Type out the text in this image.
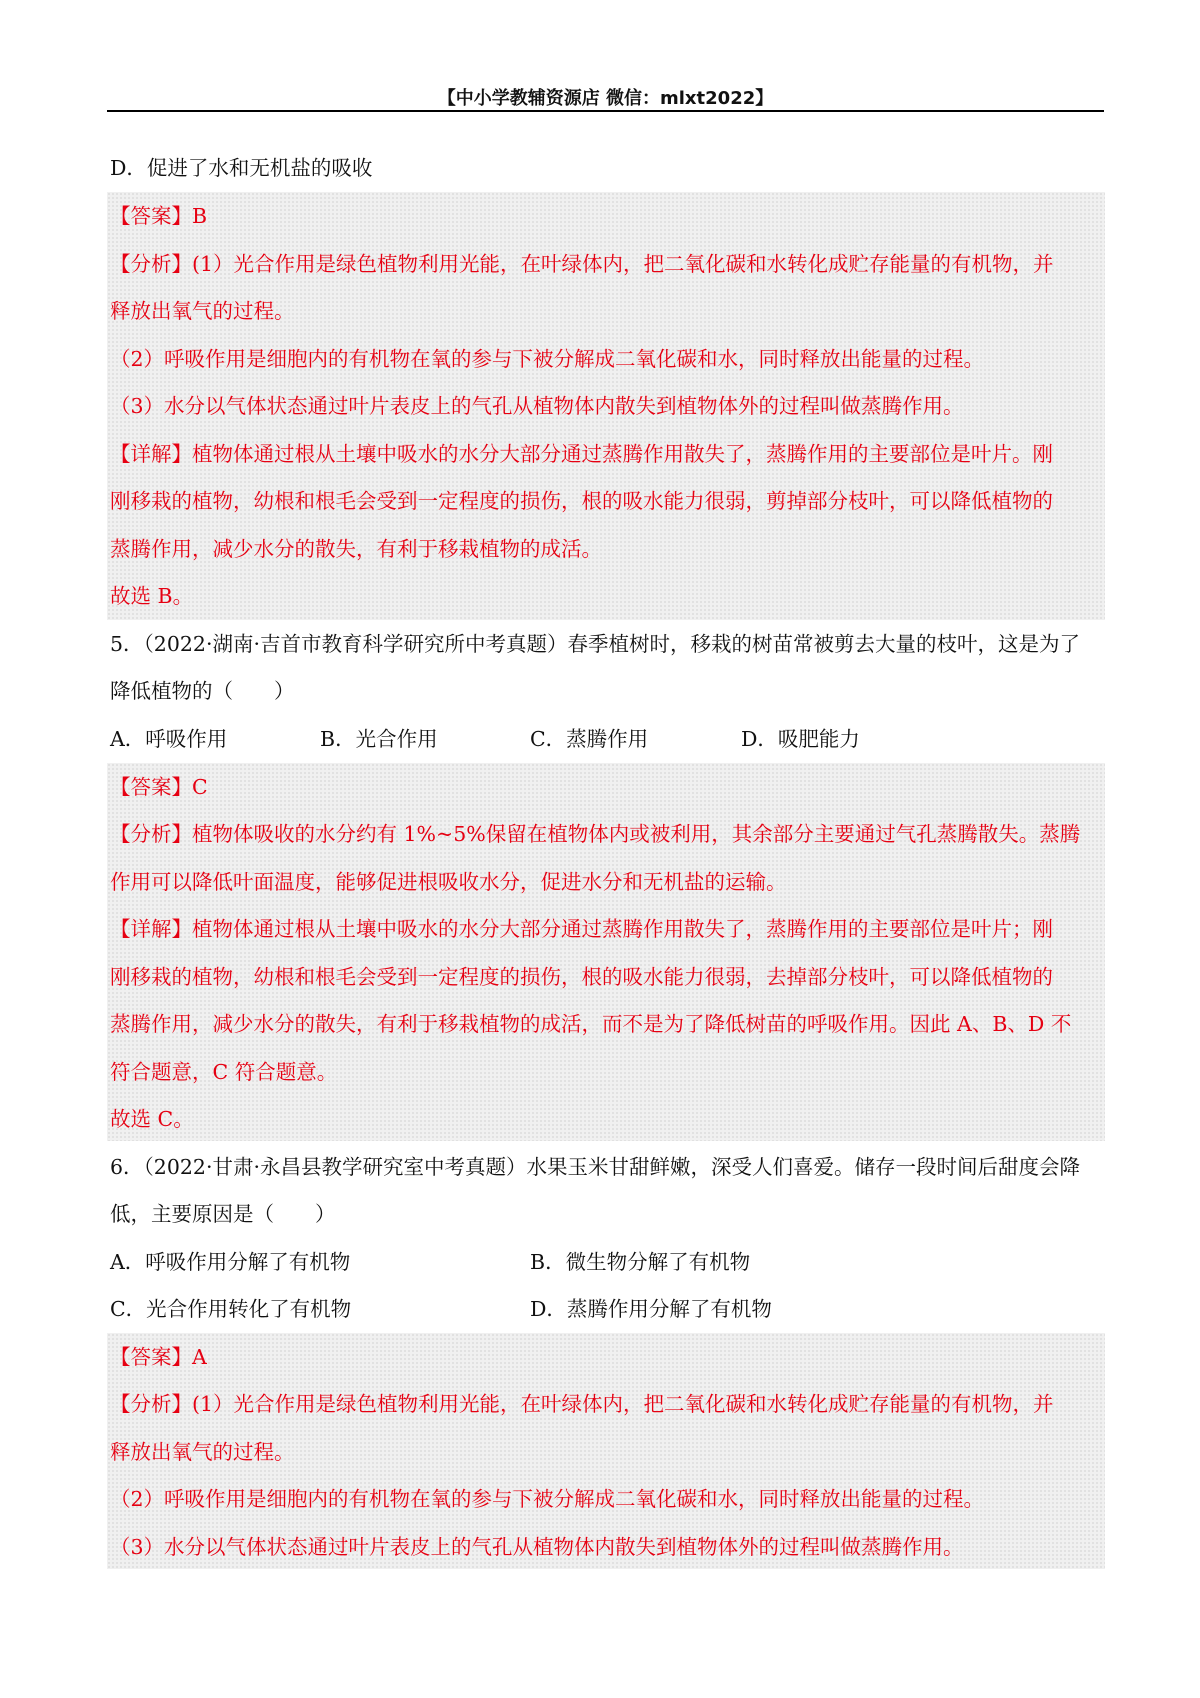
【中小学教辅资源店 微信：mlxt2022】
D．促进了水和无机盐的吸收
【答案】B
【分析】(1）光合作用是绿色植物利用光能，在叶绿体内，把二氧化碳和水转化成贮存能量的有机物，并
释放出氧气的过程。
（2）呼吸作用是细胞内的有机物在氧的参与下被分解成二氧化碳和水，同时释放出能量的过程。
（3）水分以气体状态通过叶片表皮上的气孔从植物体内散失到植物体外的过程叫做蒸腾作用。
【详解】植物体通过根从土壤中吸水的水分大部分通过蒸腾作用散失了，蒸腾作用的主要部位是叶片。刚
刚移栽的植物，幼根和根毛会受到一定程度的损伤，根的吸水能力很弱，剪掉部分枝叶，可以降低植物的
蒸腾作用，减少水分的散失，有利于移栽植物的成活。
故选 B。
5．（2022·湖南·吉首市教育科学研究所中考真题）春季植树时，移栽的树苗常被剪去大量的枝叶，这是为了
降低植物的（　　）
A．呼吸作用	B．光合作用	C．蒸腾作用	D．吸肥能力
【答案】C
【分析】植物体吸收的水分约有 1%~5%保留在植物体内或被利用，其余部分主要通过气孔蒸腾散失。蒸腾
作用可以降低叶面温度，能够促进根吸收水分，促进水分和无机盐的运输。
【详解】植物体通过根从土壤中吸水的水分大部分通过蒸腾作用散失了，蒸腾作用的主要部位是叶片；刚
刚移栽的植物，幼根和根毛会受到一定程度的损伤，根的吸水能力很弱，去掉部分枝叶，可以降低植物的
蒸腾作用，减少水分的散失，有利于移栽植物的成活，而不是为了降低树苗的呼吸作用。因此 A、B、D 不
符合题意，C 符合题意。
故选 C。
6．（2022·甘肃·永昌县教学研究室中考真题）水果玉米甘甜鲜嫩，深受人们喜爱。储存一段时间后甜度会降
低，主要原因是（　　）
A．呼吸作用分解了有机物	B．微生物分解了有机物
C．光合作用转化了有机物	D．蒸腾作用分解了有机物
【答案】A
【分析】(1）光合作用是绿色植物利用光能，在叶绿体内，把二氧化碳和水转化成贮存能量的有机物，并
释放出氧气的过程。
（2）呼吸作用是细胞内的有机物在氧的参与下被分解成二氧化碳和水，同时释放出能量的过程。
（3）水分以气体状态通过叶片表皮上的气孔从植物体内散失到植物体外的过程叫做蒸腾作用。
